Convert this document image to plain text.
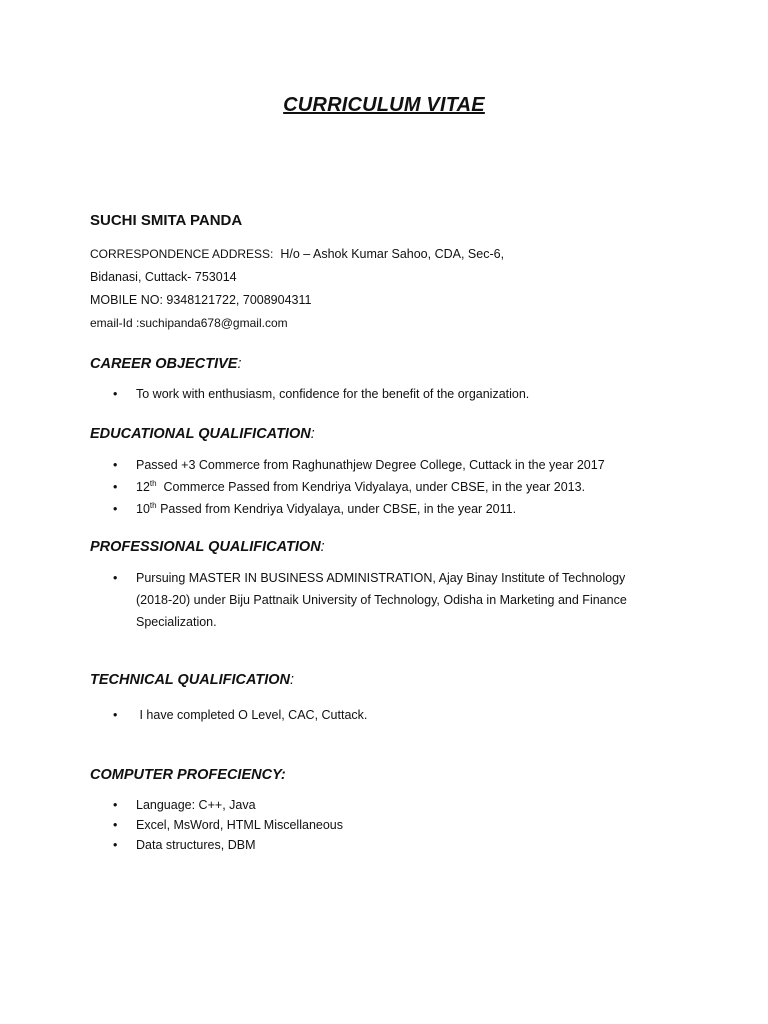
CURRICULUM VITAE
SUCHI SMITA PANDA
CORRESPONDENCE ADDRESS: H/o – Ashok Kumar Sahoo, CDA, Sec-6,
Bidanasi, Cuttack- 753014
MOBILE NO: 9348121722, 7008904311
email-Id :suchipanda678@gmail.com
CAREER OBJECTIVE:
• To work with enthusiasm, confidence for the benefit of the organization.
EDUCATIONAL QUALIFICATION:
• Passed +3 Commerce from Raghunathjew Degree College, Cuttack in the year 2017
• 12th Commerce Passed from Kendriya Vidyalaya, under CBSE, in the year 2013.
• 10th Passed from Kendriya Vidyalaya, under CBSE, in the year 2011.
PROFESSIONAL QUALIFICATION:
• Pursuing MASTER IN BUSINESS ADMINISTRATION, Ajay Binay Institute of Technology
(2018-20) under Biju Pattnaik University of Technology, Odisha in Marketing and Finance
Specialization.
TECHNICAL QUALIFICATION:
• I have completed O Level, CAC, Cuttack.
COMPUTER PROFECIENCY:
• Language: C++, Java
• Excel, MsWord, HTML Miscellaneous
• Data structures, DBM
